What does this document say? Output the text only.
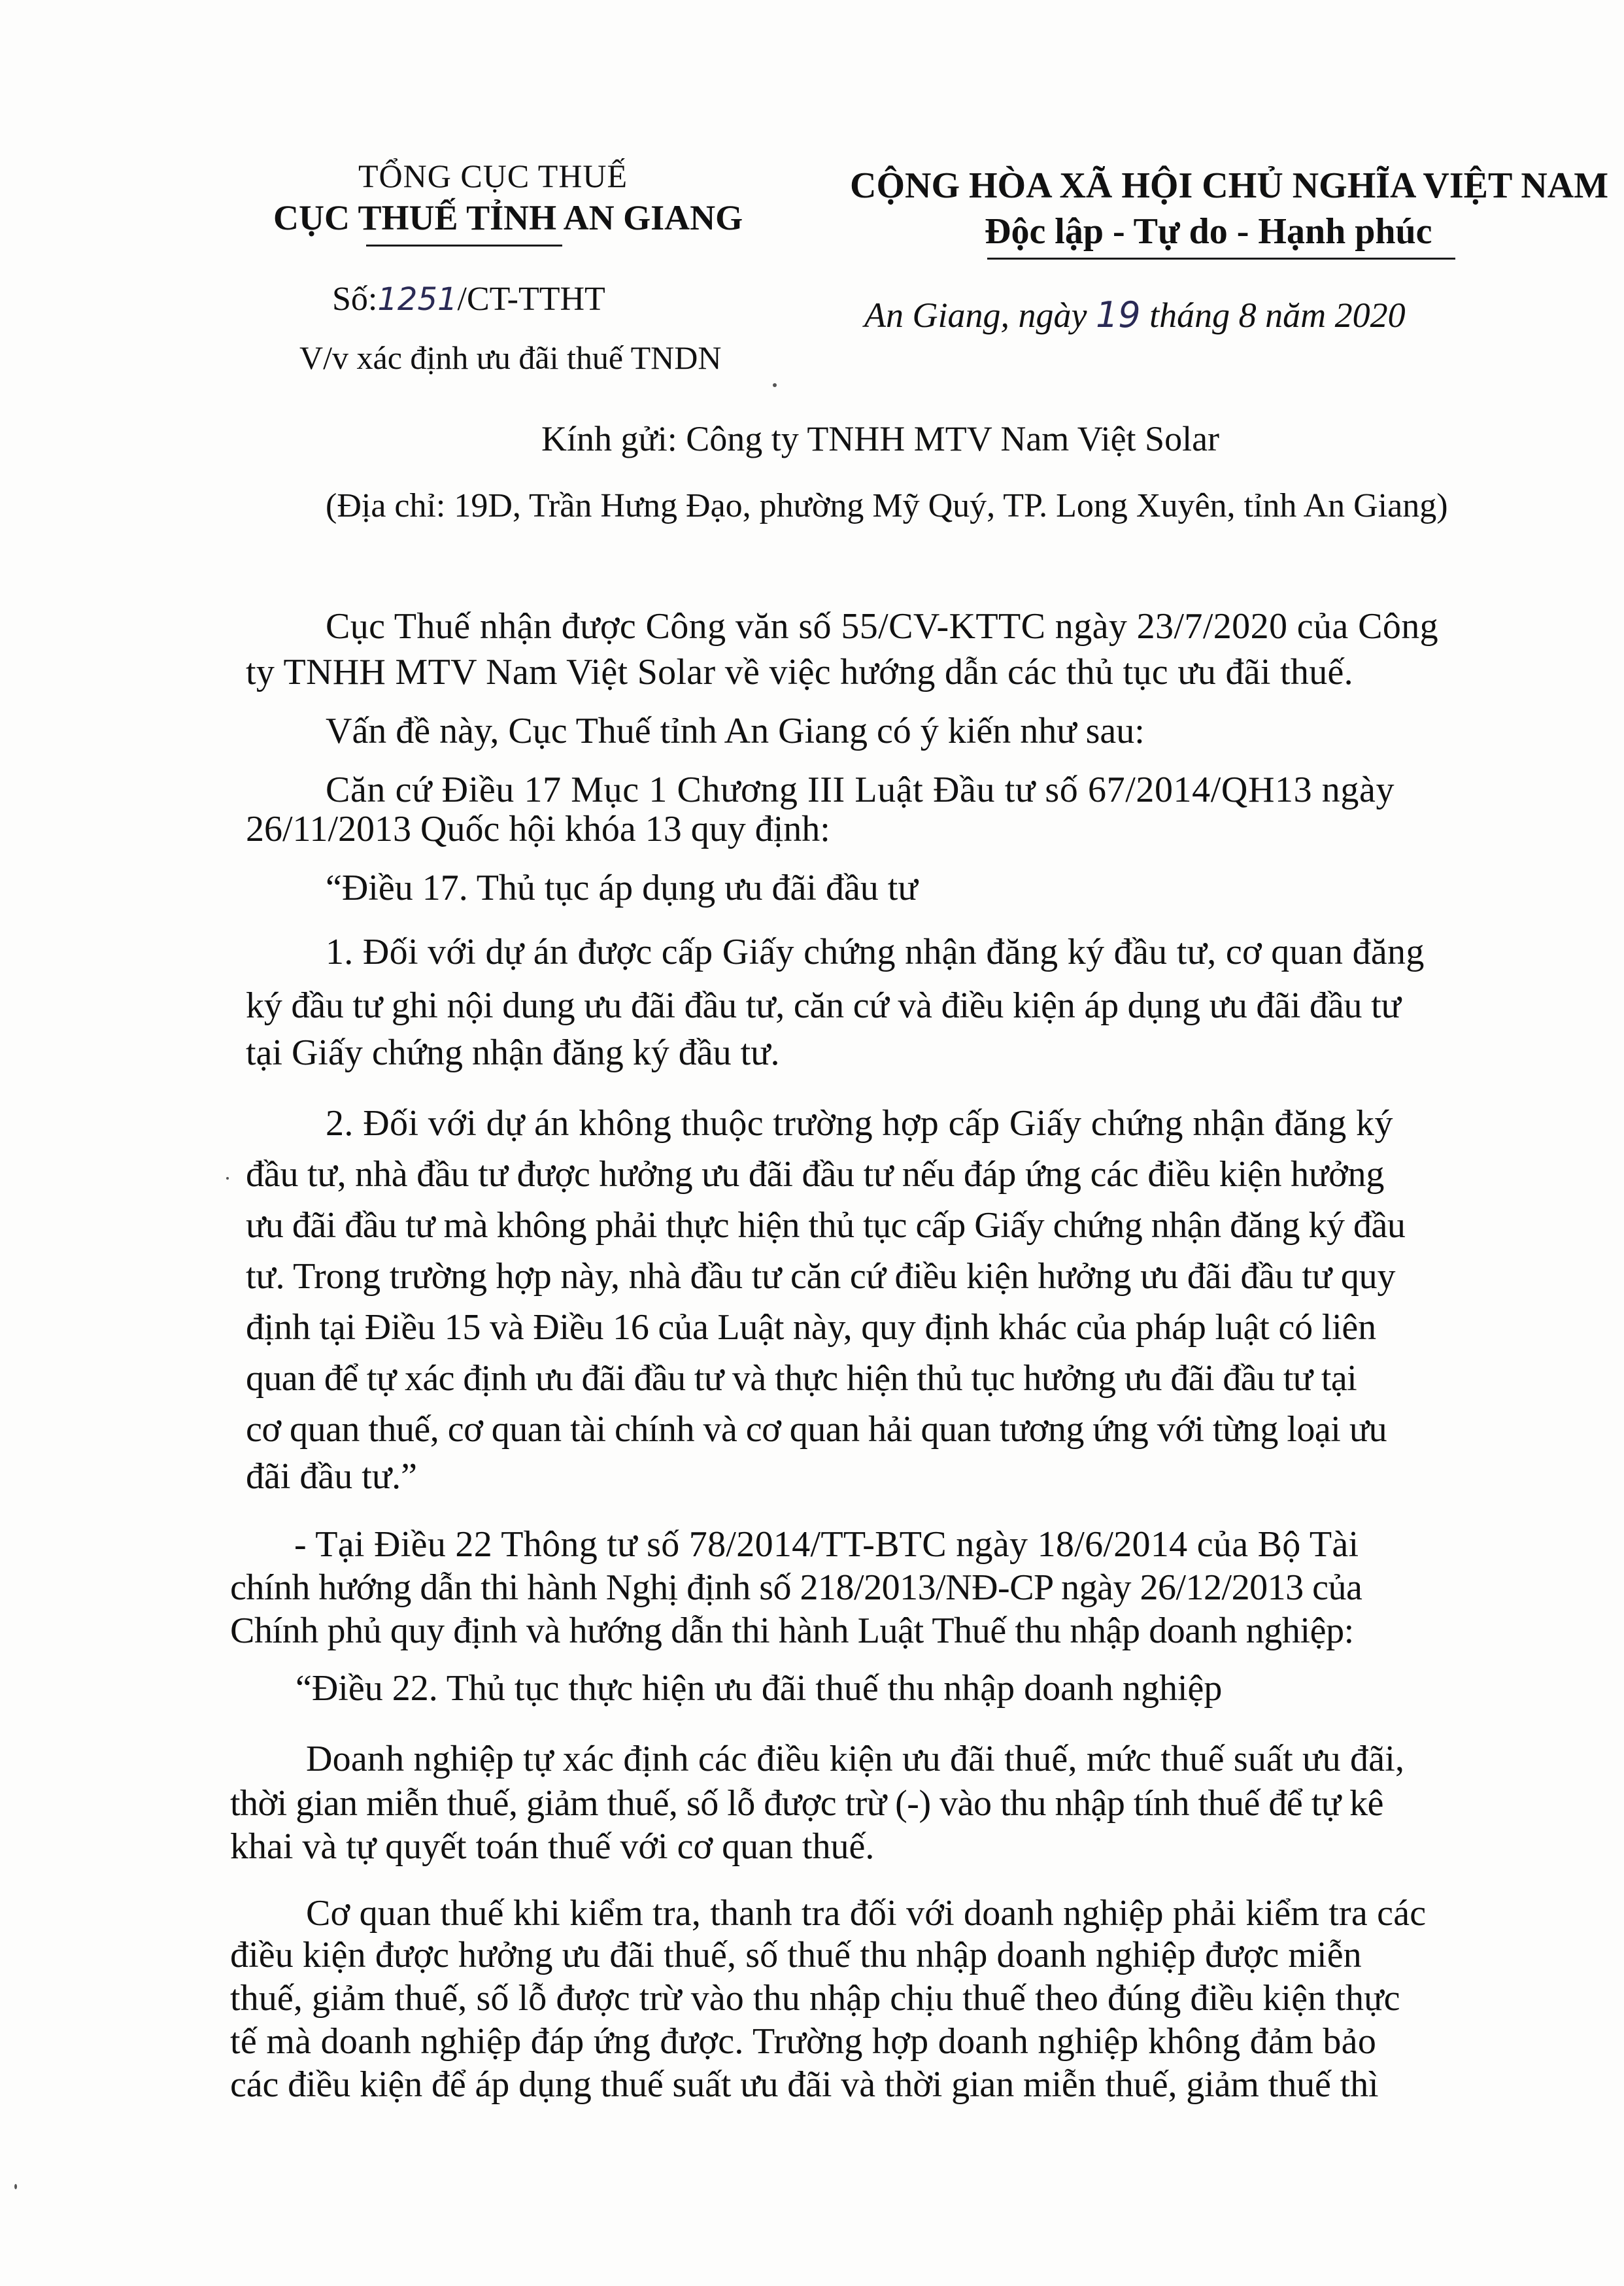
TỔNG CỤC THUẾ
CỤC THUẾ TỈNH AN GIANG
CỘNG HÒA XÃ HỘI CHỦ NGHĨA VIỆT NAM
Độc lập - Tự do - Hạnh phúc
Số:1251/CT-TTHT
V/v xác định ưu đãi thuế TNDN
An Giang, ngày 19 tháng 8 năm 2020
Kính gửi: Công ty TNHH MTV Nam Việt Solar
(Địa chỉ: 19D, Trần Hưng Đạo, phường Mỹ Quý, TP. Long Xuyên, tỉnh An Giang)
Cục Thuế nhận được Công văn số 55/CV-KTTC ngày 23/7/2020 của Công
ty TNHH MTV Nam Việt Solar về việc hướng dẫn các thủ tục ưu đãi thuế.
Vấn đề này, Cục Thuế tỉnh An Giang có ý kiến như sau:
Căn cứ Điều 17 Mục 1 Chương III Luật Đầu tư số 67/2014/QH13 ngày
26/11/2013 Quốc hội khóa 13 quy định:
“Điều 17. Thủ tục áp dụng ưu đãi đầu tư
1. Đối với dự án được cấp Giấy chứng nhận đăng ký đầu tư, cơ quan đăng
ký đầu tư ghi nội dung ưu đãi đầu tư, căn cứ và điều kiện áp dụng ưu đãi đầu tư
tại Giấy chứng nhận đăng ký đầu tư.
2. Đối với dự án không thuộc trường hợp cấp Giấy chứng nhận đăng ký
đầu tư, nhà đầu tư được hưởng ưu đãi đầu tư nếu đáp ứng các điều kiện hưởng
ưu đãi đầu tư mà không phải thực hiện thủ tục cấp Giấy chứng nhận đăng ký đầu
tư. Trong trường hợp này, nhà đầu tư căn cứ điều kiện hưởng ưu đãi đầu tư quy
định tại Điều 15 và Điều 16 của Luật này, quy định khác của pháp luật có liên
quan để tự xác định ưu đãi đầu tư và thực hiện thủ tục hưởng ưu đãi đầu tư tại
cơ quan thuế, cơ quan tài chính và cơ quan hải quan tương ứng với từng loại ưu
đãi đầu tư.”
- Tại Điều 22 Thông tư số 78/2014/TT-BTC ngày 18/6/2014 của Bộ Tài
chính hướng dẫn thi hành Nghị định số 218/2013/NĐ-CP ngày 26/12/2013 của
Chính phủ quy định và hướng dẫn thi hành Luật Thuế thu nhập doanh nghiệp:
“Điều 22. Thủ tục thực hiện ưu đãi thuế thu nhập doanh nghiệp
Doanh nghiệp tự xác định các điều kiện ưu đãi thuế, mức thuế suất ưu đãi,
thời gian miễn thuế, giảm thuế, số lỗ được trừ (-) vào thu nhập tính thuế để tự kê
khai và tự quyết toán thuế với cơ quan thuế.
Cơ quan thuế khi kiểm tra, thanh tra đối với doanh nghiệp phải kiểm tra các
điều kiện được hưởng ưu đãi thuế, số thuế thu nhập doanh nghiệp được miễn
thuế, giảm thuế, số lỗ được trừ vào thu nhập chịu thuế theo đúng điều kiện thực
tế mà doanh nghiệp đáp ứng được. Trường hợp doanh nghiệp không đảm bảo
các điều kiện để áp dụng thuế suất ưu đãi và thời gian miễn thuế, giảm thuế thì
